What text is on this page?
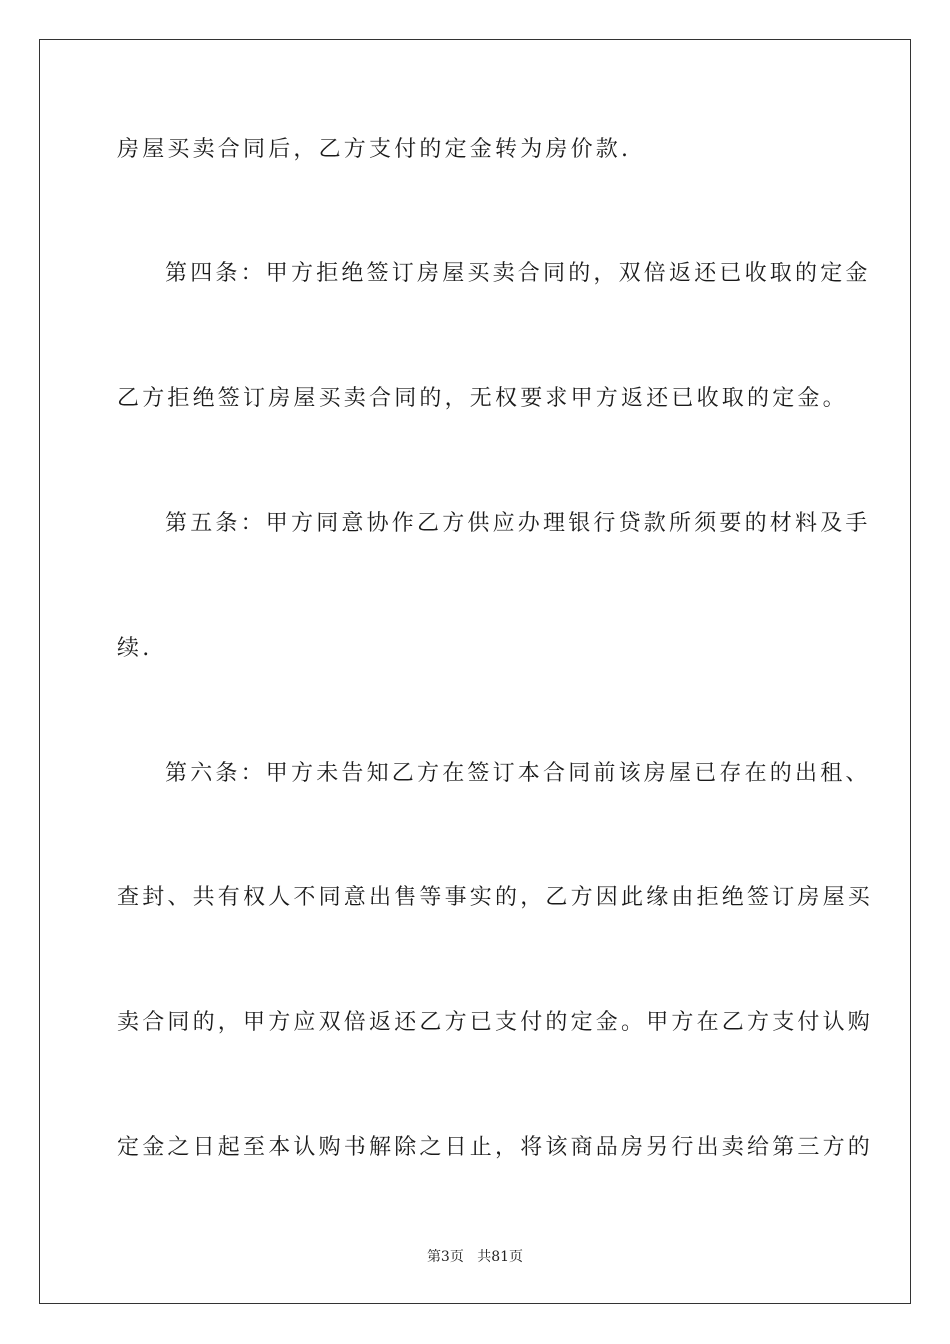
房屋买卖合同后，乙方支付的定金转为房价款.
第四条：甲方拒绝签订房屋买卖合同的，双倍返还已收取的定金
乙方拒绝签订房屋买卖合同的，无权要求甲方返还已收取的定金。
第五条：甲方同意协作乙方供应办理银行贷款所须要的材料及手
续.
第六条：甲方未告知乙方在签订本合同前该房屋已存在的出租、
查封、共有权人不同意出售等事实的，乙方因此缘由拒绝签订房屋买
卖合同的，甲方应双倍返还乙方已支付的定金。甲方在乙方支付认购
定金之日起至本认购书解除之日止，将该商品房另行出卖给第三方的
第3页 共81页
